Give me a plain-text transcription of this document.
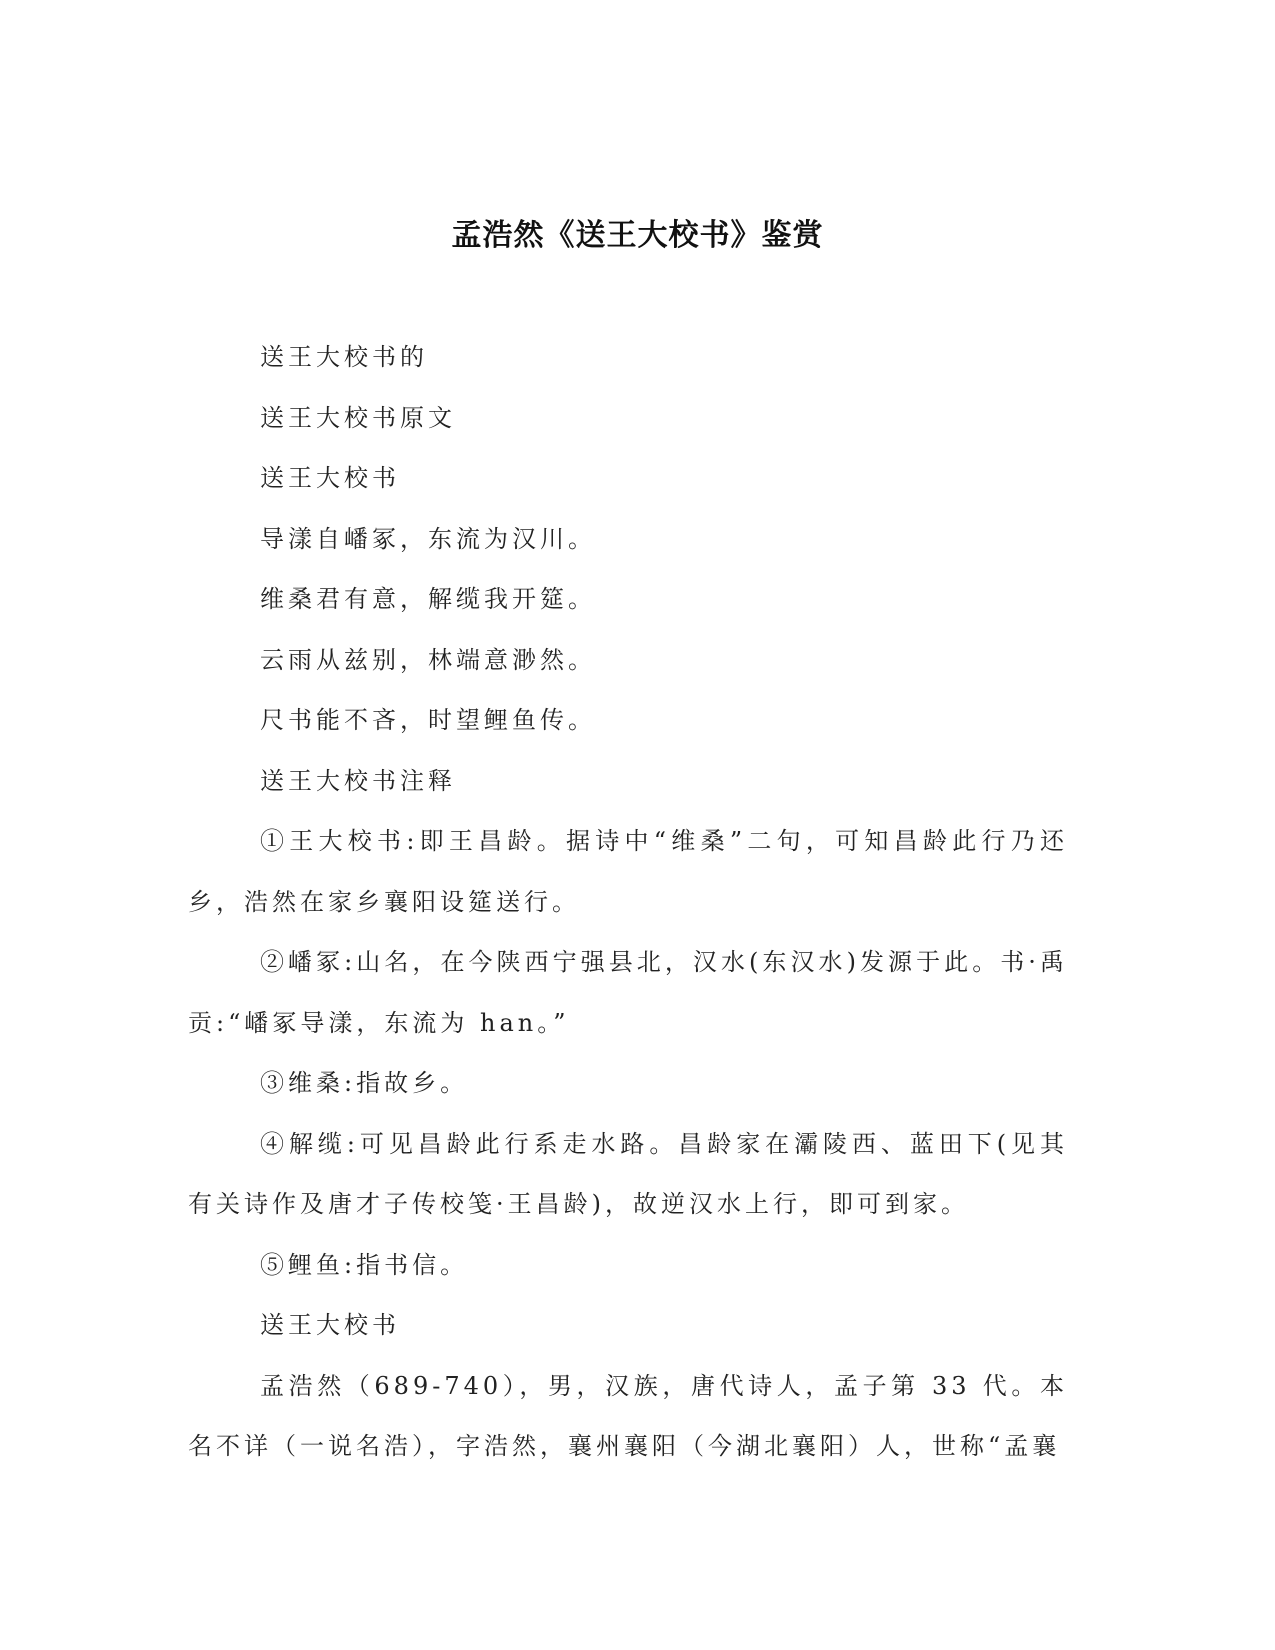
孟浩然《送王大校书》鉴赏

送王大校书的

送王大校书原文

送王大校书

导漾自嶓冢，东流为汉川。

维桑君有意，解缆我开筵。

云雨从兹别，林端意渺然。

尺书能不吝，时望鲤鱼传。

送王大校书注释

①王大校书:即王昌龄。据诗中“维桑”二句，可知昌龄此行乃还乡，浩然在家乡襄阳设筵送行。

②嶓冢:山名，在今陕西宁强县北，汉水(东汉水)发源于此。书·禹贡:“嶓冢导漾，东流为 han。”

③维桑:指故乡。

④解缆:可见昌龄此行系走水路。昌龄家在灞陵西、蓝田下(见其有关诗作及唐才子传校笺·王昌龄)，故逆汉水上行，即可到家。

⑤鲤鱼:指书信。

送王大校书

孟浩然（689-740），男，汉族，唐代诗人，孟子第 33 代。本名不详（一说名浩），字浩然，襄州襄阳（今湖北襄阳）人，世称“孟襄
